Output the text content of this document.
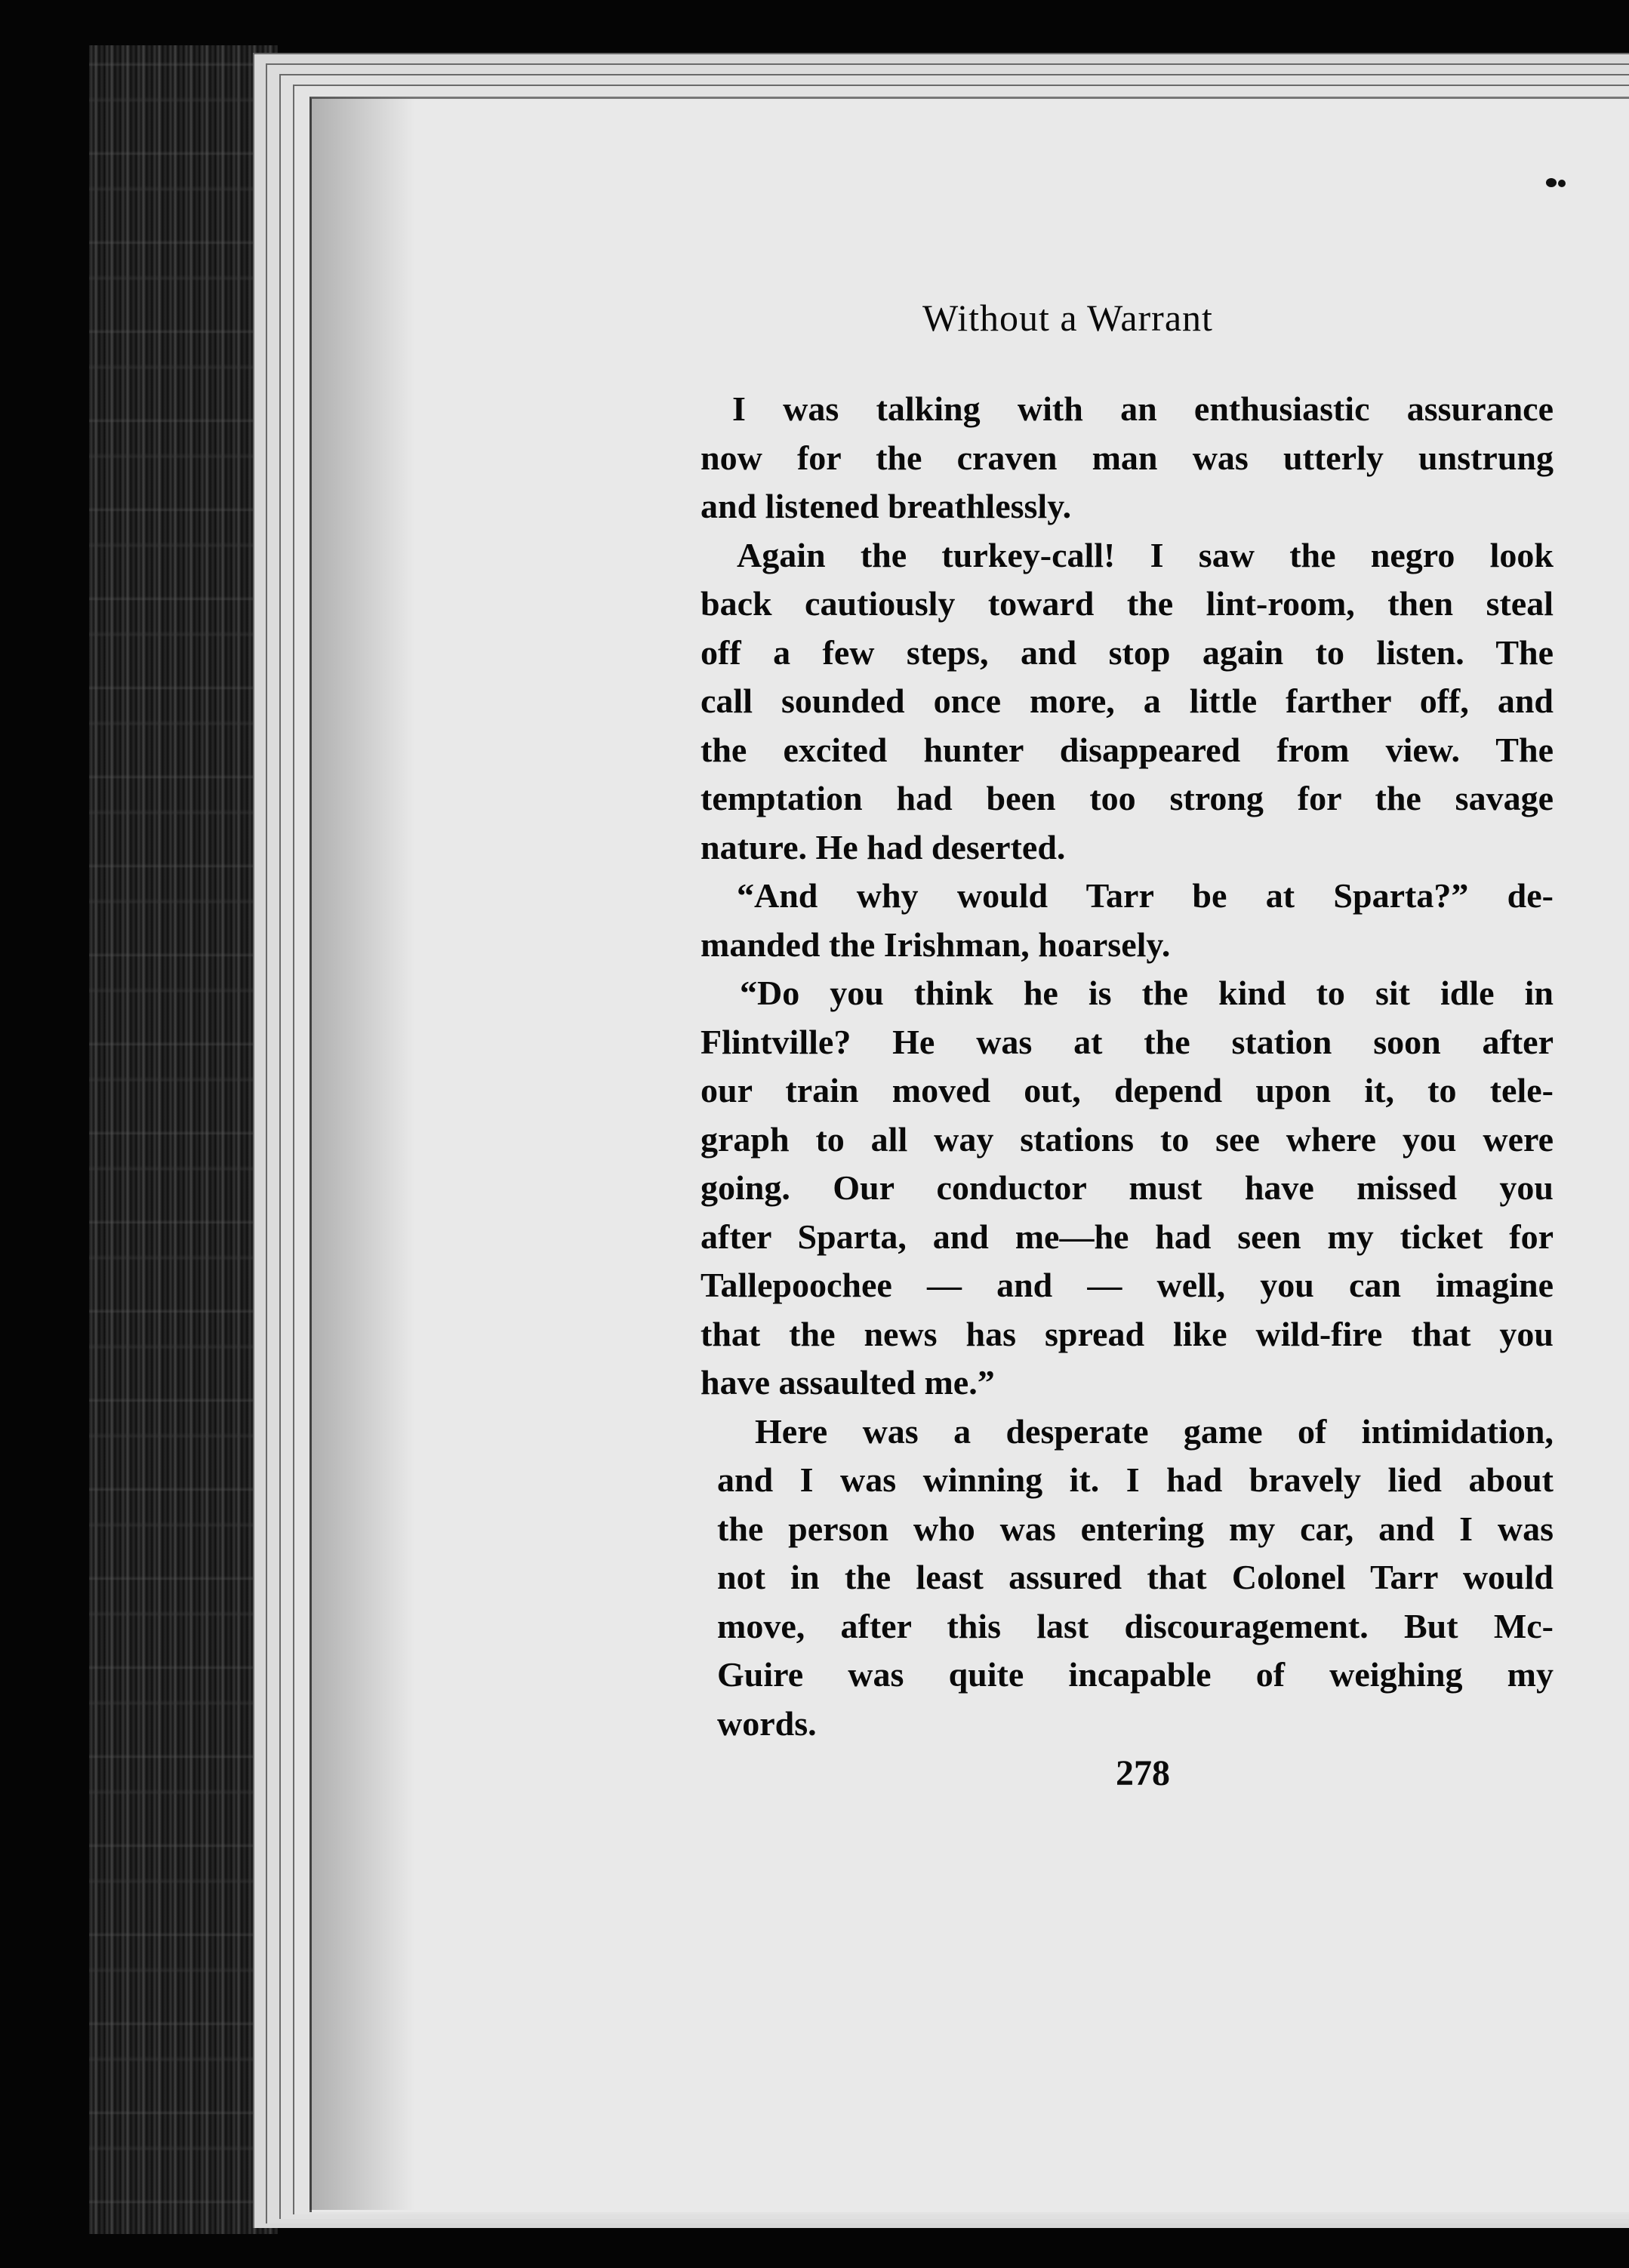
Without a Warrant
I was talking with an enthusiastic assurance
now for the craven man was utterly unstrung
and listened breathlessly.
Again the turkey-call! I saw the negro look
back cautiously toward the lint-room, then steal
off a few steps, and stop again to listen. The
call sounded once more, a little farther off, and
the excited hunter disappeared from view. The
temptation had been too strong for the savage
nature. He had deserted.
“And why would Tarr be at Sparta?” de-
manded the Irishman, hoarsely.
“Do you think he is the kind to sit idle in
Flintville? He was at the station soon after
our train moved out, depend upon it, to tele-
graph to all way stations to see where you were
going. Our conductor must have missed you
after Sparta, and me—he had seen my ticket for
Tallepoochee — and — well, you can imagine
that the news has spread like wild-fire that you
have assaulted me.”
Here was a desperate game of intimidation,
and I was winning it. I had bravely lied about
the person who was entering my car, and I was
not in the least assured that Colonel Tarr would
move, after this last discouragement. But Mc-
Guire was quite incapable of weighing my
words.
278
